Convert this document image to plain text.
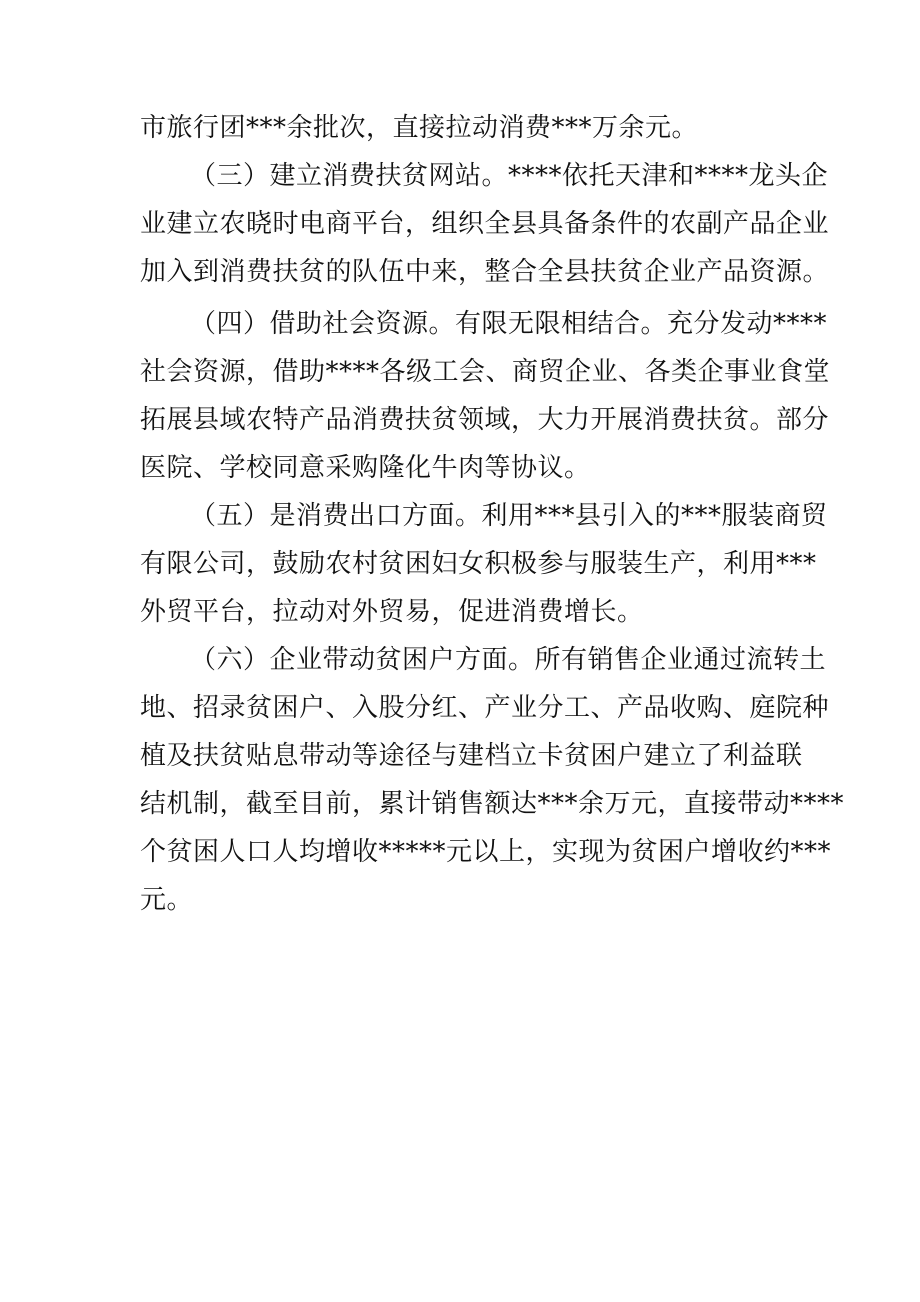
市旅行团***余批次，直接拉动消费***万余元。
（三）建立消费扶贫网站。****依托天津和****龙头企
业建立农晓时电商平台，组织全县具备条件的农副产品企业
加入到消费扶贫的队伍中来，整合全县扶贫企业产品资源。
（四）借助社会资源。有限无限相结合。充分发动****
社会资源，借助****各级工会、商贸企业、各类企事业食堂
拓展县域农特产品消费扶贫领域，大力开展消费扶贫。部分
医院、学校同意采购隆化牛肉等协议。
（五）是消费出口方面。利用***县引入的***服装商贸
有限公司，鼓励农村贫困妇女积极参与服装生产，利用***
外贸平台，拉动对外贸易，促进消费增长。
（六）企业带动贫困户方面。所有销售企业通过流转土
地、招录贫困户、入股分红、产业分工、产品收购、庭院种
植及扶贫贴息带动等途径与建档立卡贫困户建立了利益联
结机制，截至目前，累计销售额达***余万元，直接带动****
个贫困人口人均增收*****元以上，实现为贫困户增收约***
元。
